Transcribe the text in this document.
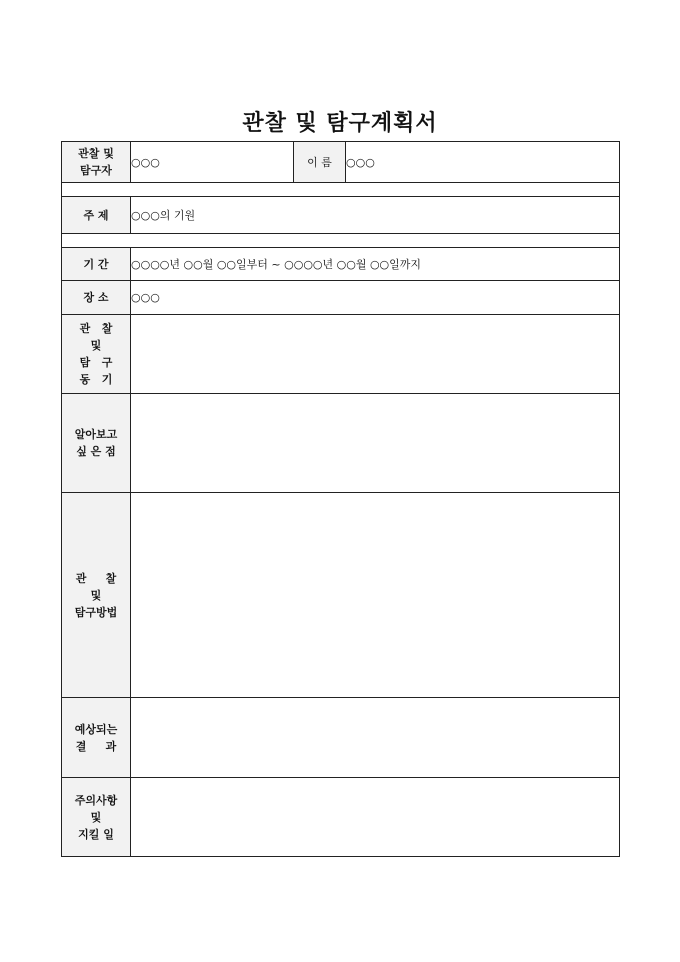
관찰 및 탐구계획서
관찰 및
탐구자	○○○	이 름	○○○

주 제	○○○의 기원		

기 간	○○○○년 ○○월 ○○일부터 ~ ○○○○년 ○○월 ○○일까지		
장 소	○○○		

관   찰
및
탐   구
동   기			

알아보고
싶 은 점			

관     찰
및
탐구방법			

예상되는
결     과			

주의사항
및
지킬 일			
